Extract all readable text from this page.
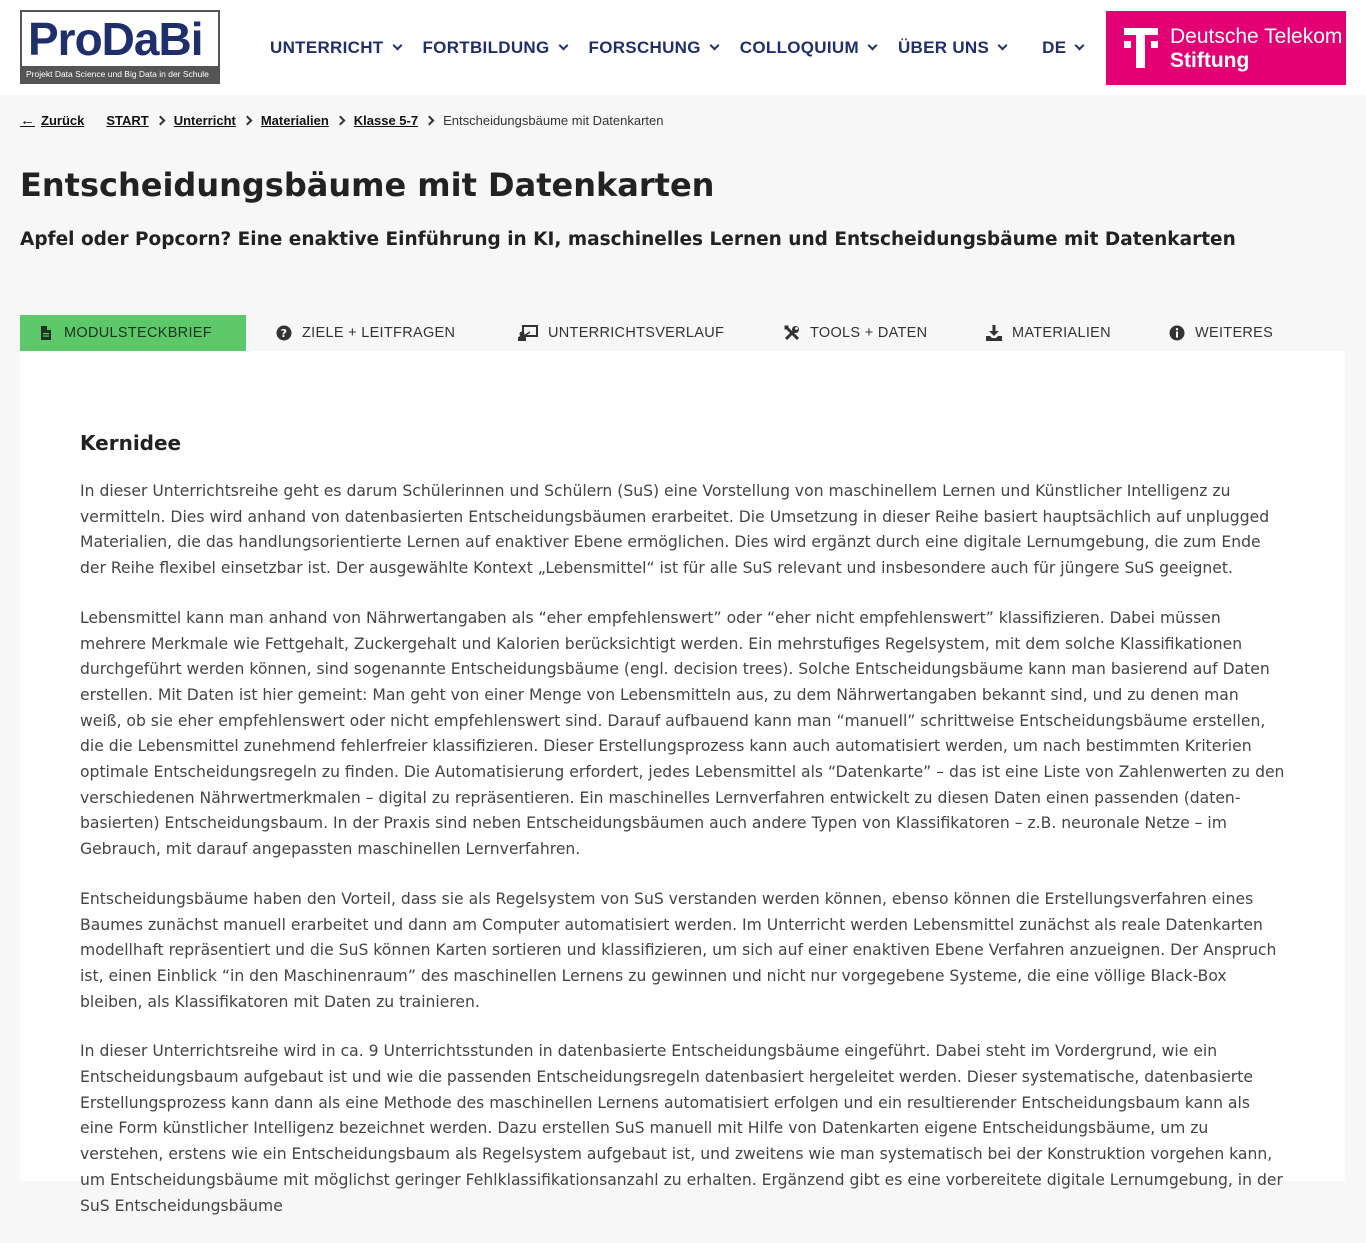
ProDaBi
Projekt Data Science und Big Data in der Schule
UNTERRICHT FORTBILDUNG FORSCHUNG COLLOQUIUM ÜBER UNS	DE	Deutsche Telekom
Stiftung
← Zurück START Unterricht Materialien Klasse 5-7 Entscheidungsbäume mit Datenkarten
Entscheidungsbäume mit Datenkarten
Apfel oder Popcorn? Eine enaktive Einführung in KI, maschinelles Lernen und Entscheidungsbäume mit Datenkarten
MODULSTECKBRIEF	? ZIELE + LEITFRAGEN	UNTERRICHTSVERLAUF	TOOLS + DATEN	MATERIALIEN	WEITERES
Kernidee

In dieser Unterrichtsreihe geht es darum Schülerinnen und Schülern (SuS) eine Vorstellung von maschinellem Lernen und Künstlicher Intelligenz zu vermitteln. Dies wird anhand von datenbasierten Entscheidungsbäumen erarbeitet. Die Umsetzung in dieser Reihe basiert hauptsächlich auf unplugged Materialien, die das handlungsorientierte Lernen auf enaktiver Ebene ermöglichen. Dies wird ergänzt durch eine digitale Lernumgebung, die zum Ende der Reihe flexibel einsetzbar ist. Der ausgewählte Kontext „Lebensmittel“ ist für alle SuS relevant und insbesondere auch für jüngere SuS geeignet.

Lebensmittel kann man anhand von Nährwertangaben als “eher empfehlenswert” oder “eher nicht empfehlenswert” klassifizieren. Dabei müssen mehrere Merkmale wie Fettgehalt, Zuckergehalt und Kalorien berücksichtigt werden. Ein mehrstufiges Regelsystem, mit dem solche Klassifikationen durchgeführt werden können, sind sogenannte Entscheidungsbäume (engl. decision trees). Solche Entscheidungsbäume kann man basierend auf Daten erstellen. Mit Daten ist hier gemeint: Man geht von einer Menge von Lebensmitteln aus, zu dem Nährwertangaben bekannt sind, und zu denen man weiß, ob sie eher empfehlenswert oder nicht empfehlenswert sind. Darauf aufbauend kann man “manuell” schrittweise Entscheidungsbäume erstellen, die die Lebensmittel zunehmend fehlerfreier klassifizieren. Dieser Erstellungsprozess kann auch automatisiert werden, um nach bestimmten Kriterien optimale Entscheidungsregeln zu finden. Die Automatisierung erfordert, jedes Lebensmittel als “Datenkarte” – das ist eine Liste von Zahlenwerten zu den verschiedenen Nährwertmerkmalen – digital zu repräsentieren. Ein maschinelles Lernverfahren entwickelt zu diesen Daten einen passenden (daten-basierten) Entscheidungsbaum. In der Praxis sind neben Entscheidungsbäumen auch andere Typen von Klassifikatoren – z.B. neuronale Netze – im Gebrauch, mit darauf angepassten maschinellen Lernverfahren.

Entscheidungsbäume haben den Vorteil, dass sie als Regelsystem von SuS verstanden werden können, ebenso können die Erstellungsverfahren eines Baumes zunächst manuell erarbeitet und dann am Computer automatisiert werden. Im Unterricht werden Lebensmittel zunächst als reale Datenkarten modellhaft repräsentiert und die SuS können Karten sortieren und klassifizieren, um sich auf einer enaktiven Ebene Verfahren anzueignen. Der Anspruch ist, einen Einblick “in den Maschinenraum” des maschinellen Lernens zu gewinnen und nicht nur vorgegebene Systeme, die eine völlige Black-Box bleiben, als Klassifikatoren mit Daten zu trainieren.

In dieser Unterrichtsreihe wird in ca. 9 Unterrichtsstunden in datenbasierte Entscheidungsbäume eingeführt. Dabei steht im Vordergrund, wie ein Entscheidungsbaum aufgebaut ist und wie die passenden Entscheidungsregeln datenbasiert hergeleitet werden. Dieser systematische, datenbasierte Erstellungsprozess kann dann als eine Methode des maschinellen Lernens automatisiert erfolgen und ein resultierender Entscheidungsbaum kann als eine Form künstlicher Intelligenz bezeichnet werden. Dazu erstellen SuS manuell mit Hilfe von Datenkarten eigene Entscheidungsbäume, um zu verstehen, erstens wie ein Entscheidungsbaum als Regelsystem aufgebaut ist, und zweitens wie man systematisch bei der Konstruktion vorgehen kann, um Entscheidungsbäume mit möglichst geringer Fehlklassifikationsanzahl zu erhalten. Ergänzend gibt es eine vorbereitete digitale Lernumgebung, in der SuS Entscheidungsbäume
